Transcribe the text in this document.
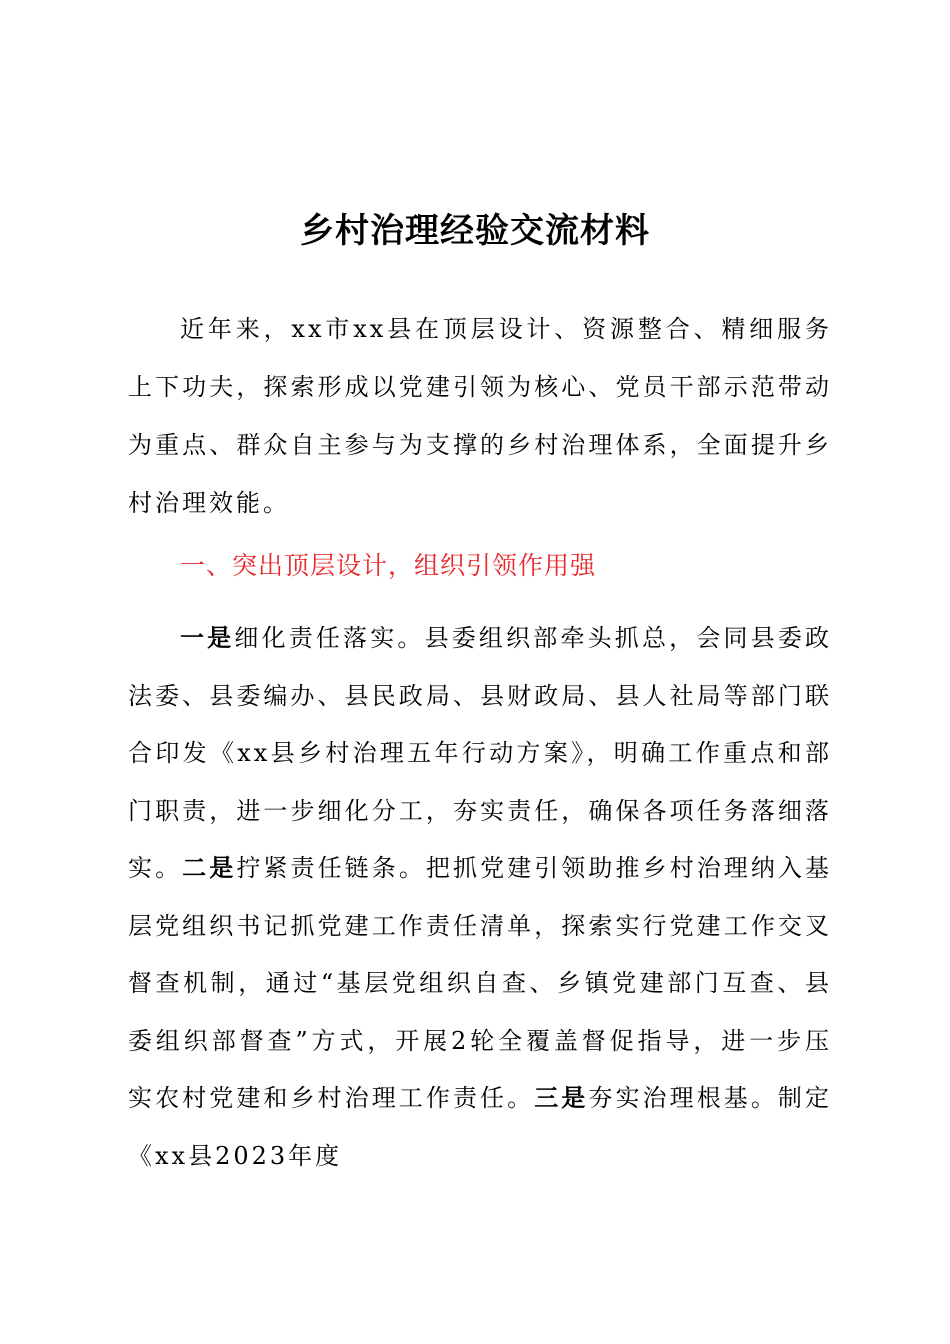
乡村治理经验交流材料
近年来，xx市xx县在顶层设计、资源整合、精细服务上下功夫，探索形成以党建引领为核心、党员干部示范带动为重点、群众自主参与为支撑的乡村治理体系，全面提升乡村治理效能。
一、突出顶层设计，组织引领作用强
一是细化责任落实。县委组织部牵头抓总，会同县委政法委、县委编办、县民政局、县财政局、县人社局等部门联合印发《xx县乡村治理五年行动方案》，明确工作重点和部门职责，进一步细化分工，夯实责任，确保各项任务落细落实。二是拧紧责任链条。把抓党建引领助推乡村治理纳入基层党组织书记抓党建工作责任清单，探索实行党建工作交叉督查机制，通过“基层党组织自查、乡镇党建部门互查、县委组织部督查”方式，开展2轮全覆盖督促指导，进一步压实农村党建和乡村治理工作责任。三是夯实治理根基。制定《xx县2023年度
